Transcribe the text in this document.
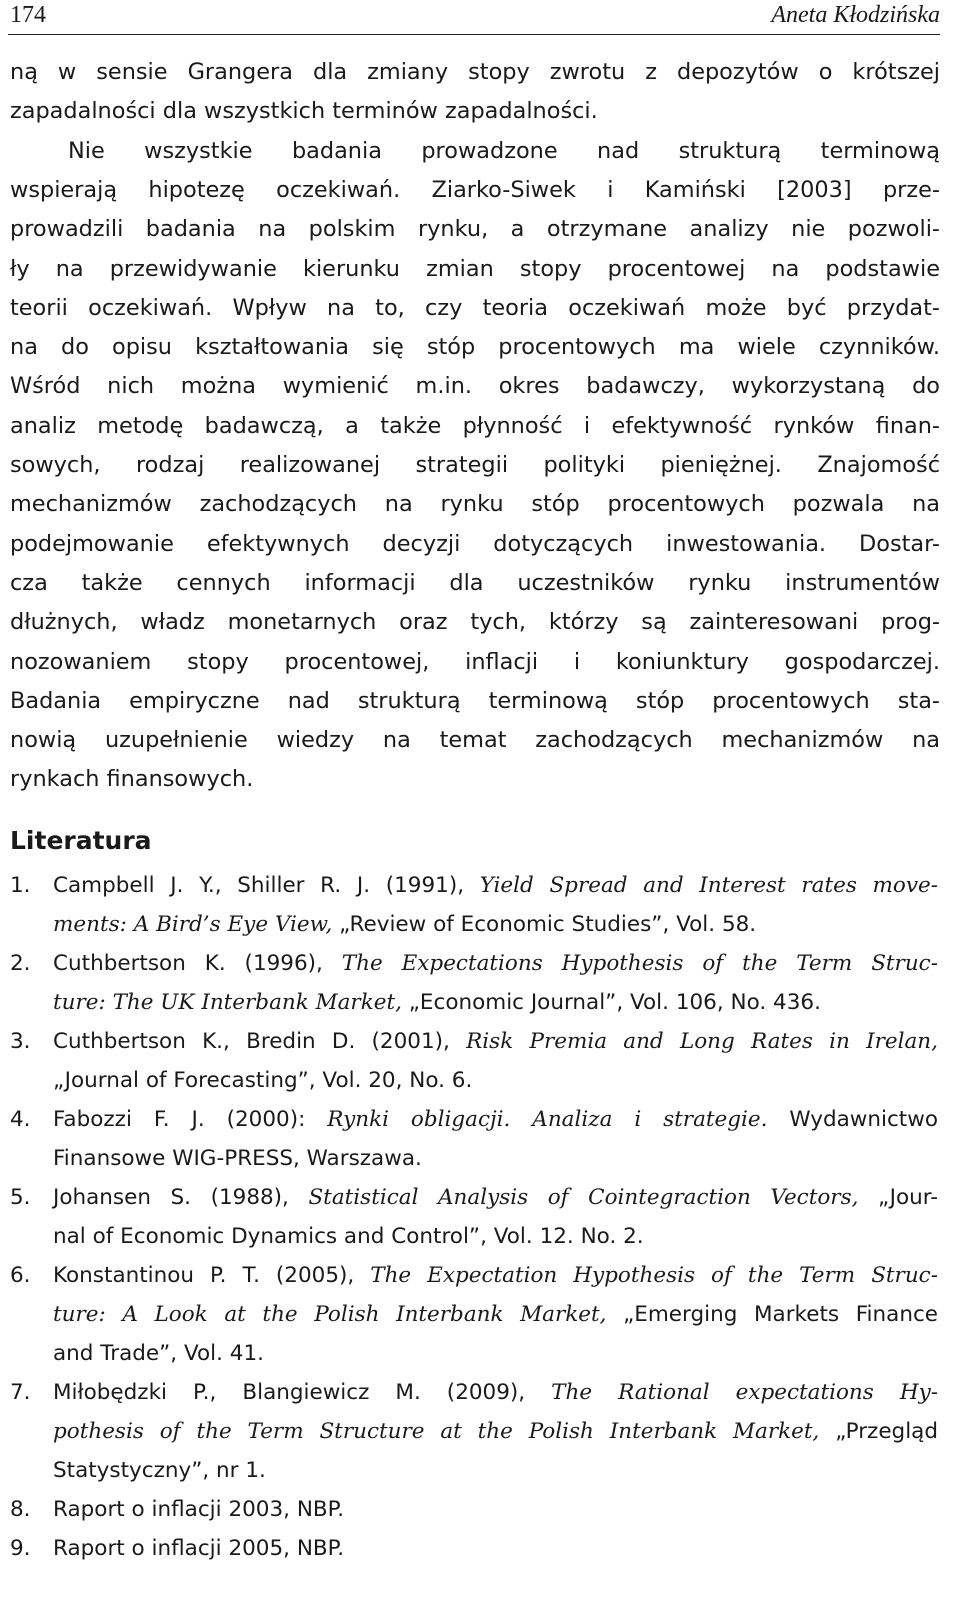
174	Aneta Kłodzińska
ną w sensie Grangera dla zmiany stopy zwrotu z depozytów o krótszej
zapadalności dla wszystkich terminów zapadalności.
Nie wszystkie badania prowadzone nad strukturą terminową
wspierają hipotezę oczekiwań. Ziarko-Siwek i Kamiński [2003] prze-
prowadzili badania na polskim rynku, a otrzymane analizy nie pozwoli-
ły na przewidywanie kierunku zmian stopy procentowej na podstawie
teorii oczekiwań. Wpływ na to, czy teoria oczekiwań może być przydat-
na do opisu kształtowania się stóp procentowych ma wiele czynników.
Wśród nich można wymienić m.in. okres badawczy, wykorzystaną do
analiz metodę badawczą, a także płynność i efektywność rynków finan-
sowych, rodzaj realizowanej strategii polityki pieniężnej. Znajomość
mechanizmów zachodzących na rynku stóp procentowych pozwala na
podejmowanie efektywnych decyzji dotyczących inwestowania. Dostar-
cza także cennych informacji dla uczestników rynku instrumentów
dłużnych, władz monetarnych oraz tych, którzy są zainteresowani prog-
nozowaniem stopy procentowej, inflacji i koniunktury gospodarczej.
Badania empiryczne nad strukturą terminową stóp procentowych sta-
nowią uzupełnienie wiedzy na temat zachodzących mechanizmów na
rynkach finansowych.
Literatura
1. Campbell J. Y., Shiller R. J. (1991), Yield Spread and Interest rates move-
ments: A Bird’s Eye View, „Review of Economic Studies”, Vol. 58.
2. Cuthbertson K. (1996), The Expectations Hypothesis of the Term Struc-
ture: The UK Interbank Market, „Economic Journal”, Vol. 106, No. 436.
3. Cuthbertson K., Bredin D. (2001), Risk Premia and Long Rates in Irelan,
„Journal of Forecasting”, Vol. 20, No. 6.
4. Fabozzi F. J. (2000): Rynki obligacji. Analiza i strategie. Wydawnictwo
Finansowe WIG-PRESS, Warszawa.
5. Johansen S. (1988), Statistical Analysis of Cointegraction Vectors, „Jour-
nal of Economic Dynamics and Control”, Vol. 12. No. 2.
6. Konstantinou P. T. (2005), The Expectation Hypothesis of the Term Struc-
ture: A Look at the Polish Interbank Market, „Emerging Markets Finance
and Trade”, Vol. 41.
7. Miłobędzki P., Blangiewicz M. (2009), The Rational expectations Hy-
pothesis of the Term Structure at the Polish Interbank Market, „Przegląd
Statystyczny”, nr 1.
8. Raport o inflacji 2003, NBP.
9. Raport o inflacji 2005, NBP.
